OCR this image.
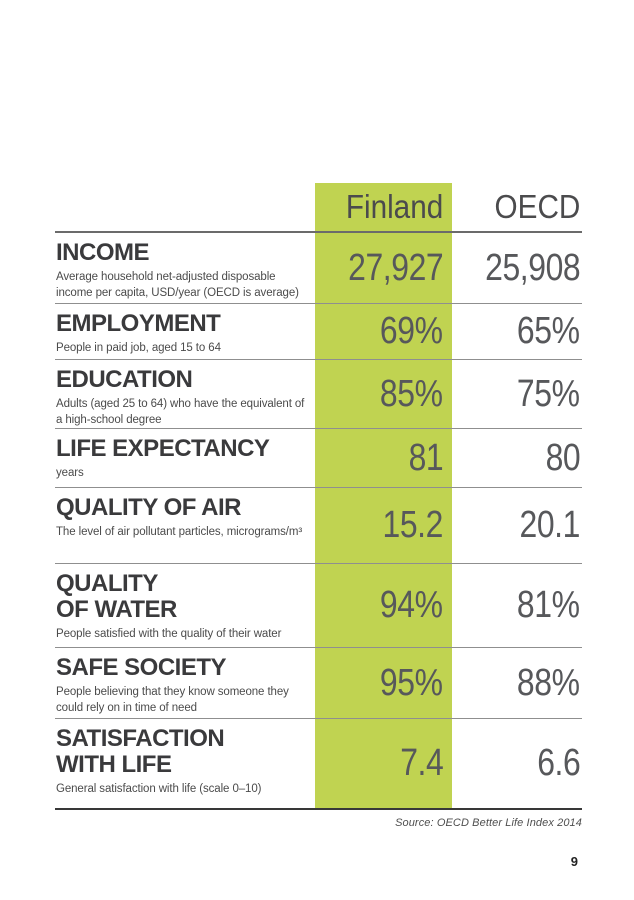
Finland	OECD
INCOME
Average household net-adjusted disposable income per capita, USD/year (OECD is average)
27,927	25,908
EMPLOYMENT
People in paid job, aged 15 to 64	69%	65%
EDUCATION
Adults (aged 25 to 64) who have the equivalent of a high-school degree
85%	75%
LIFE EXPECTANCY
years	81	80
QUALITY OF AIR
The level of air pollutant particles, micrograms/m³	15.2	20.1
QUALITY
OF WATER
People satisfied with the quality of their water
94%	81%
SAFE SOCIETY
People believing that they know someone they could rely on in time of need
95%	88%
SATISFACTION
WITH LIFE
General satisfaction with life (scale 0–10)
7.4	6.6
Source: OECD Better Life Index 2014
9
